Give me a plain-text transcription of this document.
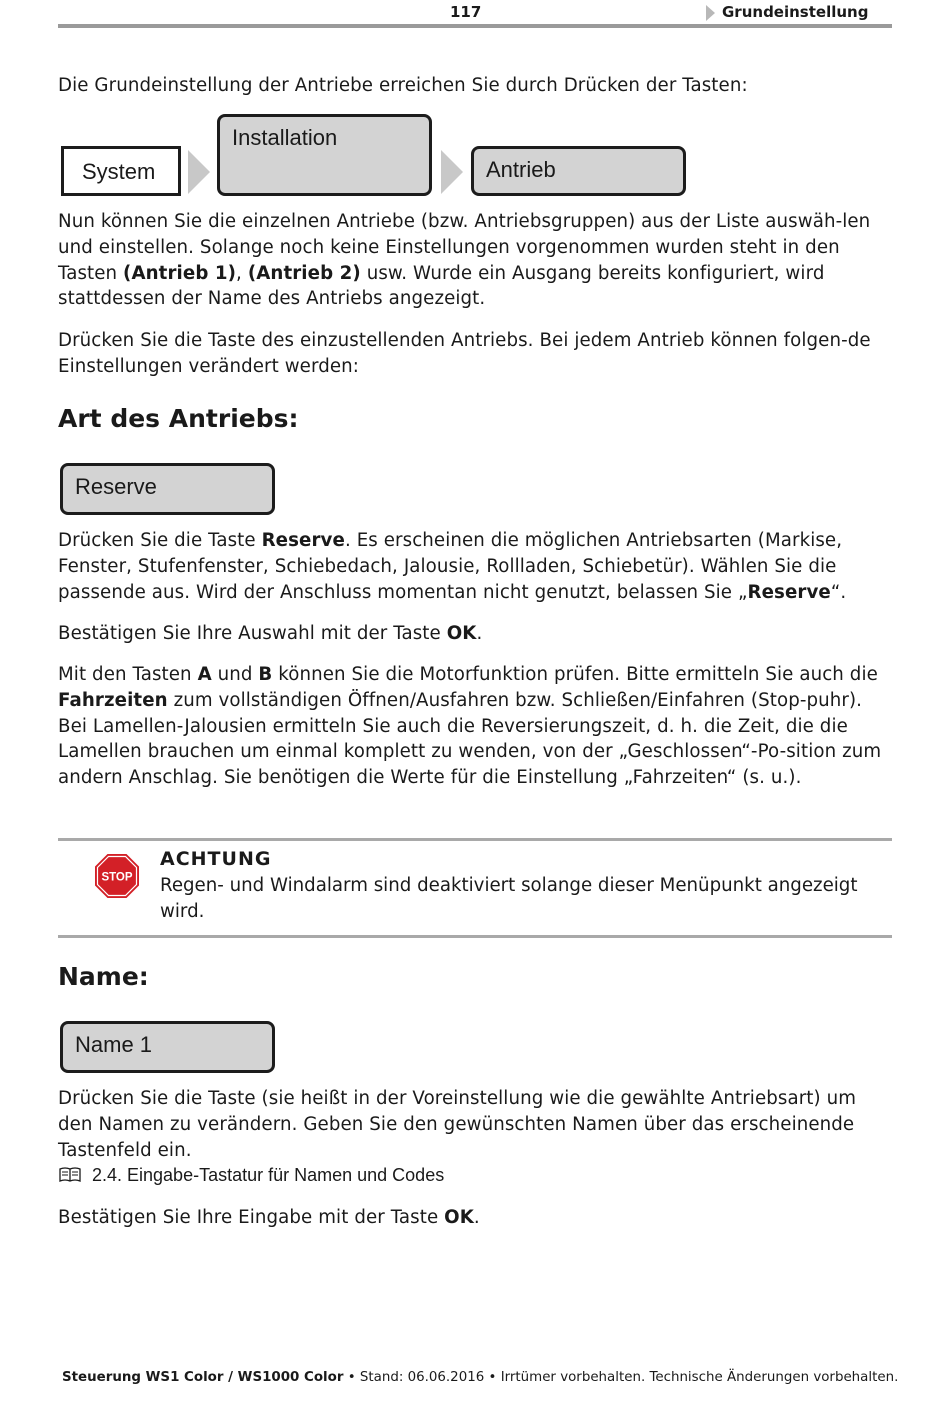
117	Grundeinstellung
Die Grundeinstellung der Antriebe erreichen Sie durch Drücken der Tasten:
System
Installation
Antrieb
Nun können Sie die einzelnen Antriebe (bzw. Antriebsgruppen) aus der Liste auswäh-len und einstellen. Solange noch keine Einstellungen vorgenommen wurden steht in den Tasten (Antrieb 1), (Antrieb 2) usw. Wurde ein Ausgang bereits konfiguriert, wird stattdessen der Name des Antriebs angezeigt.
Drücken Sie die Taste des einzustellenden Antriebs. Bei jedem Antrieb können folgen-de Einstellungen verändert werden:
Art des Antriebs:
Reserve
Drücken Sie die Taste Reserve. Es erscheinen die möglichen Antriebsarten (Markise, Fenster, Stufenfenster, Schiebedach, Jalousie, Rollladen, Schiebetür). Wählen Sie die passende aus. Wird der Anschluss momentan nicht genutzt, belassen Sie „Reserve“.
Bestätigen Sie Ihre Auswahl mit der Taste OK.
Mit den Tasten A und B können Sie die Motorfunktion prüfen. Bitte ermitteln Sie auch die Fahrzeiten zum vollständigen Öffnen/Ausfahren bzw. Schließen/Einfahren (Stop-puhr). Bei Lamellen-Jalousien ermitteln Sie auch die Reversierungszeit, d. h. die Zeit, die die Lamellen brauchen um einmal komplett zu wenden, von der „Geschlossen“-Po-sition zum andern Anschlag. Sie benötigen die Werte für die Einstellung „Fahrzeiten“ (s. u.).
STOP
ACHTUNG
Regen- und Windalarm sind deaktiviert solange dieser Menüpunkt angezeigt wird.
Name:
Name 1
Drücken Sie die Taste (sie heißt in der Voreinstellung wie die gewählte Antriebsart) um den Namen zu verändern. Geben Sie den gewünschten Namen über das erscheinende Tastenfeld ein.
2.4. Eingabe-Tastatur für Namen und Codes
Bestätigen Sie Ihre Eingabe mit der Taste OK.
Steuerung WS1 Color / WS1000 Color • Stand: 06.06.2016 • Irrtümer vorbehalten. Technische Änderungen vorbehalten.
